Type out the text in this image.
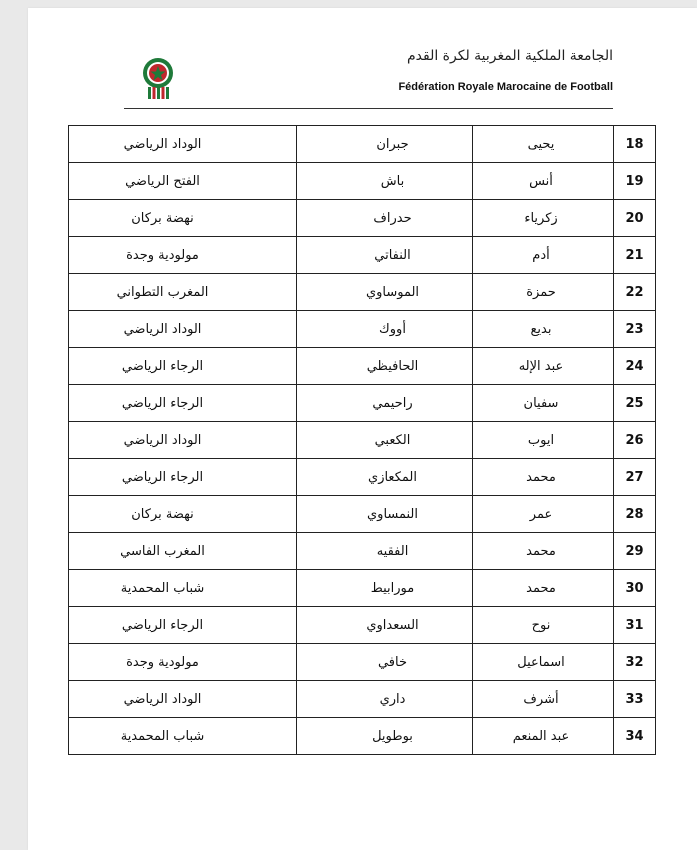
الجامعة الملكية المغربية لكرة القدم
Fédération Royale Marocaine de Football
الوداد الرياضي	جبران	يحيى	18
الفتح الرياضي	باش	أنس	19
نهضة بركان	حدراف	زكرياء	20
مولودية وجدة	النفاتي	أدم	21
المغرب التطواني	الموساوي	حمزة	22
الوداد الرياضي	أووك	بديع	23
الرجاء الرياضي	الحافيظي	عبد الإله	24
الرجاء الرياضي	راحيمي	سفيان	25
الوداد الرياضي	الكعبي	ايوب	26
الرجاء الرياضي	المكعازي	محمد	27
نهضة بركان	النمساوي	عمر	28
المغرب الفاسي	الفقيه	محمد	29
شباب المحمدية	مورابيط	محمد	30
الرجاء الرياضي	السعداوي	نوح	31
مولودية وجدة	خافي	اسماعيل	32
الوداد الرياضي	داري	أشرف	33
شباب المحمدية	بوطويل	عبد المنعم	34
